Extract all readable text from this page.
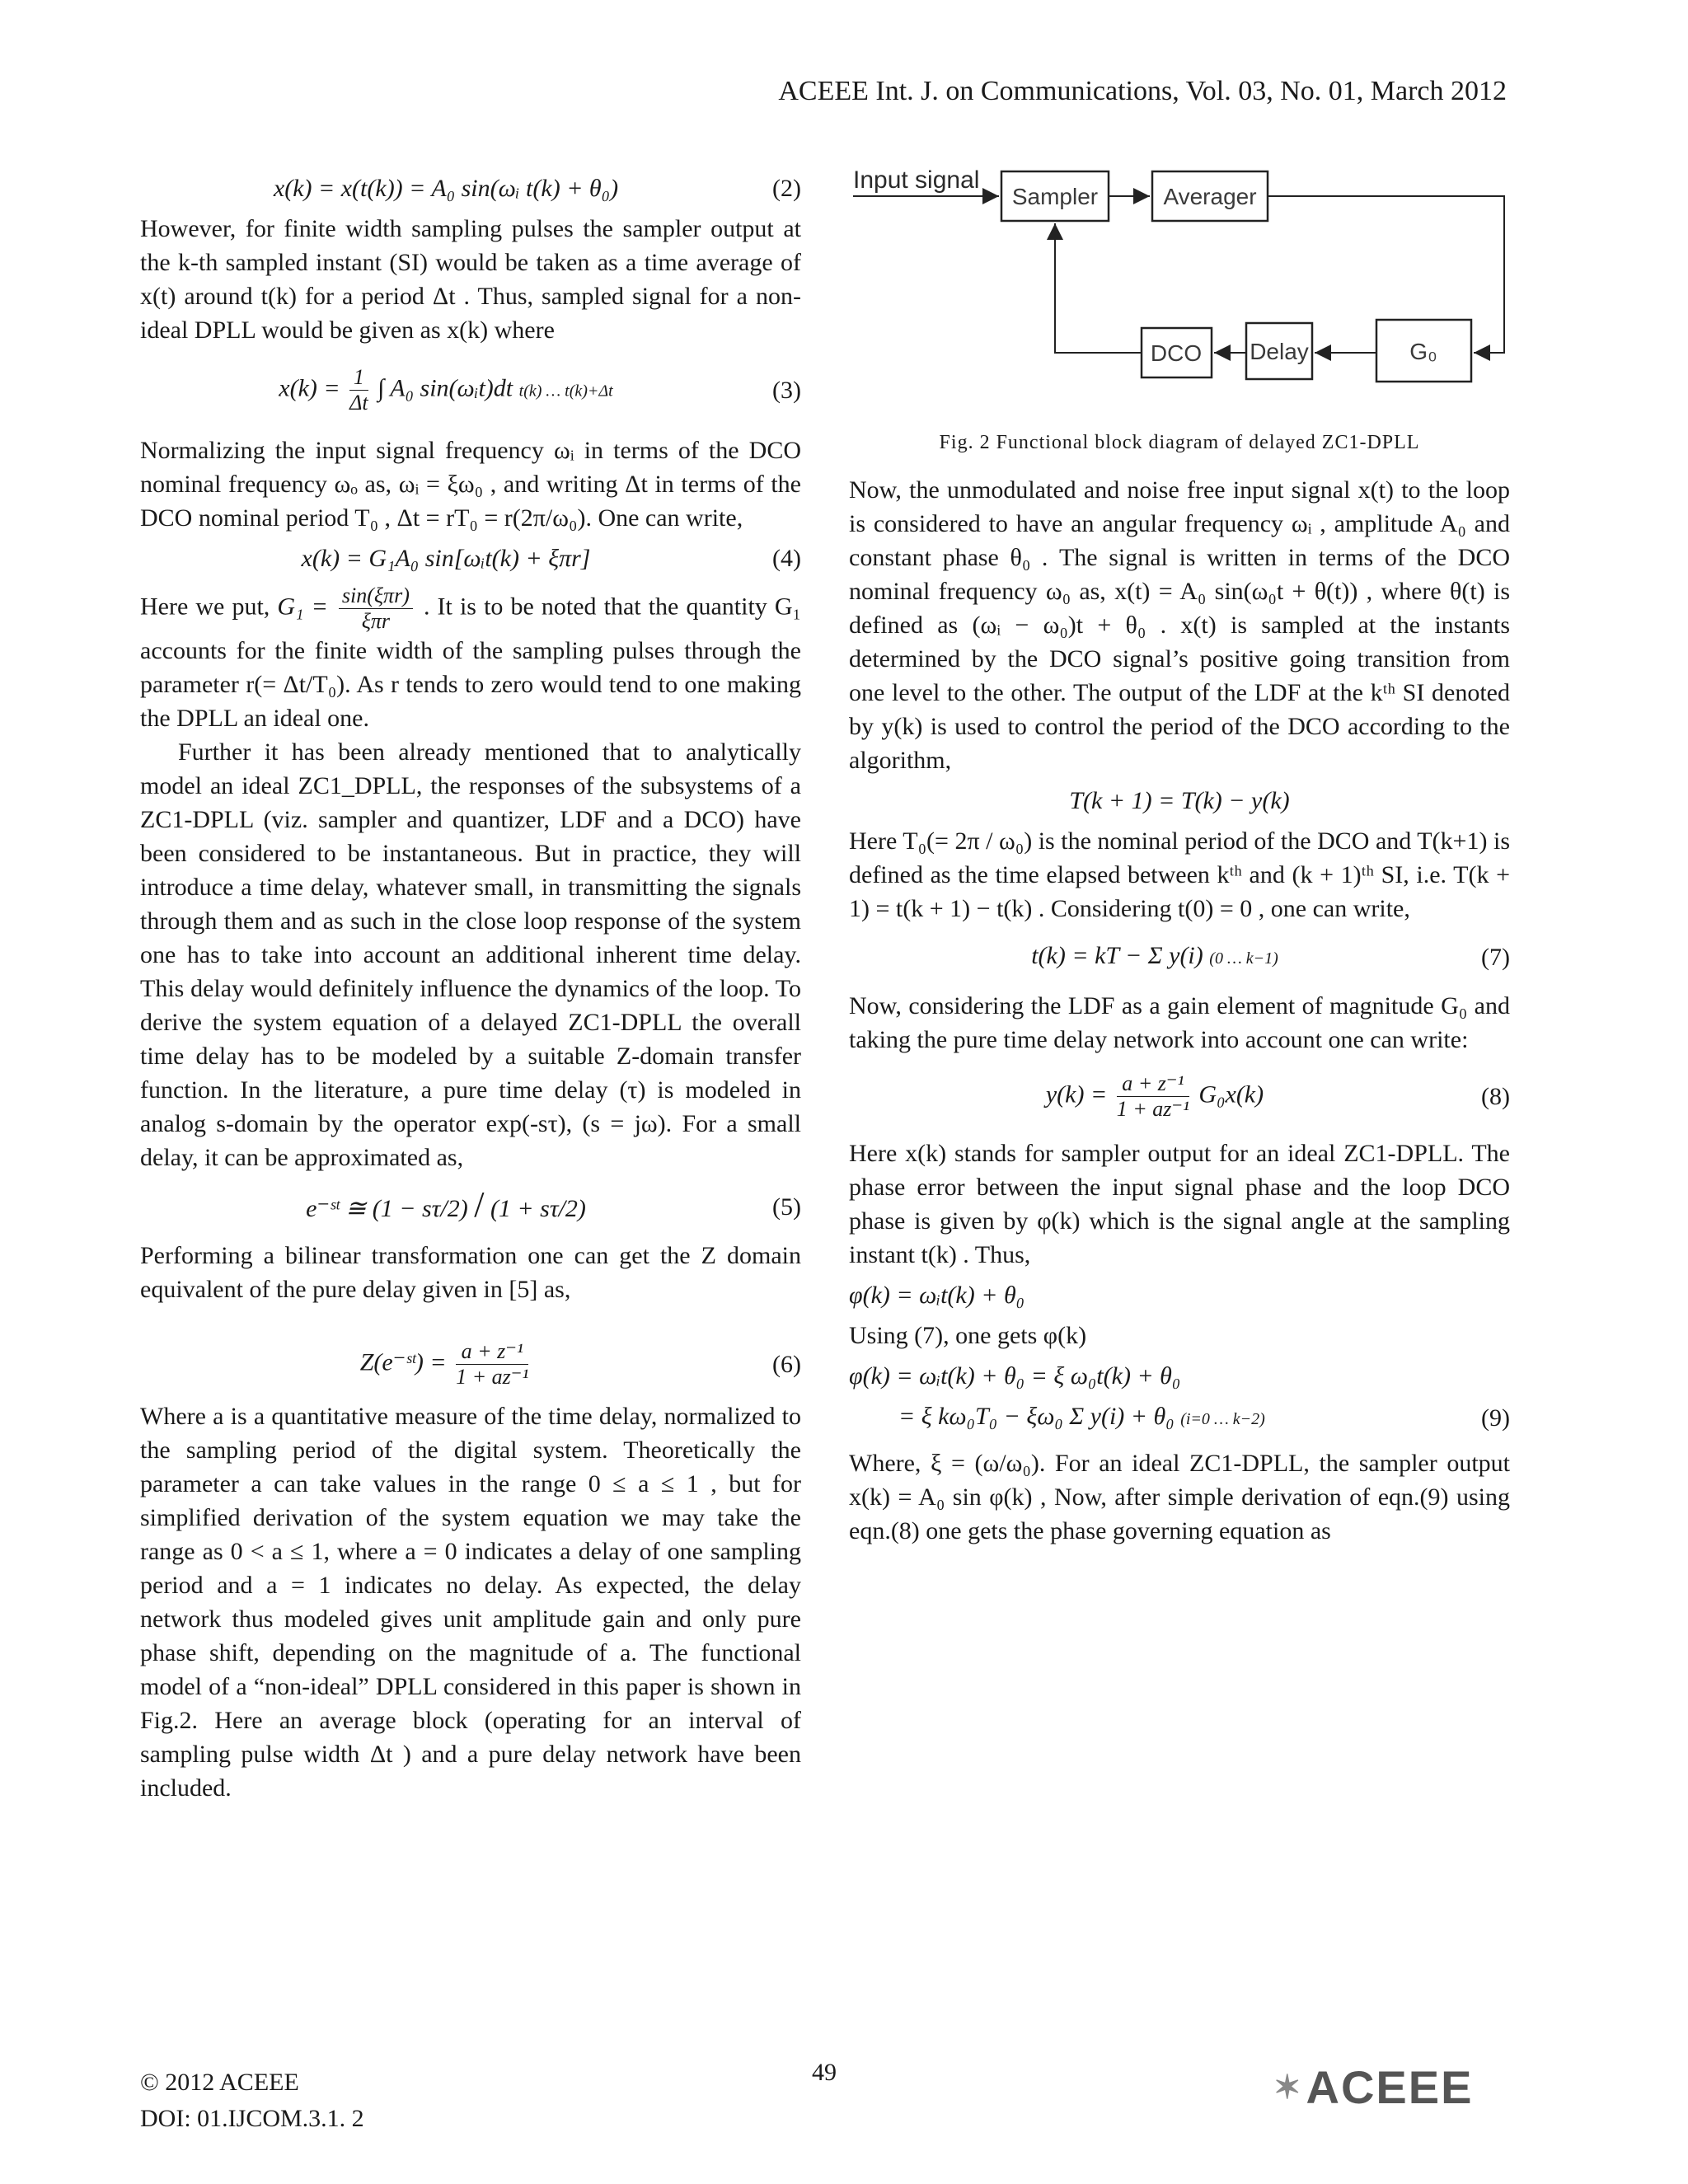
ACEEE Int. J. on Communications, Vol. 03, No. 01, March 2012
x(k) = x(t(k)) = A₀ sin(ωᵢ t(k) + θ₀)	(2)

However, for finite width sampling pulses the sampler output at the k-th sampled instant (SI) would be taken as a time average of x(t) around t(k) for a period Δt . Thus, sampled signal for a non-ideal DPLL would be given as x(k) where

$x(k) = \frac{1}{\Delta t}$ ∫ A₀ sin(ωᵢt)dt t(k) … t(k)+Δt	(3)

Normalizing the input signal frequency ωᵢ in terms of the DCO nominal frequency ωₒ as, ωᵢ = ξω₀ , and writing Δt in terms of the DCO nominal period T₀ , Δt = rT₀ = r(2π/ω₀). One can write,

x(k) = G₁A₀ sin[ωᵢt(k) + ξπr]	(4)

Here we put, $G_1 = \frac{\text{sin(ξπr)}}{\text{ξπr}}$ . It is to be noted that the quantity G₁ accounts for the finite width of the sampling pulses through the parameter r(= Δt/T₀). As r tends to zero would tend to one making the DPLL an ideal one.

Further it has been already mentioned that to analytically model an ideal ZC1_DPLL, the responses of the subsystems of a ZC1-DPLL (viz. sampler and quantizer, LDF and a DCO) have been considered to be instantaneous. But in practice, they will introduce a time delay, whatever small, in transmitting the signals through them and as such in the close loop response of the system one has to take into account an additional inherent time delay. This delay would definitely influence the dynamics of the loop. To derive the system equation of a delayed ZC1-DPLL the overall time delay has to be modeled by a suitable Z-domain transfer function. In the literature, a pure time delay (τ) is modeled in analog s-domain by the operator exp(-sτ), (s = jω). For a small delay, it can be approximated as,

e⁻ˢᵗ ≅ (1 − sτ/2) / (1 + sτ/2)	(5)

Performing a bilinear transformation one can get the Z domain equivalent of the pure delay given in [5] as,

Z(e⁻ˢᵗ) = $\frac{\text{a + z⁻¹}}{\text{1 + az⁻¹}}$	(6)

Where a is a quantitative measure of the time delay, normalized to the sampling period of the digital system. Theoretically the parameter a can take values in the range 0 ≤ a ≤ 1 , but for simplified derivation of the system equation we may take the range as 0 < a ≤ 1, where a = 0 indicates a delay of one sampling period and a = 1 indicates no delay. As expected, the delay network thus modeled gives unit amplitude gain and only pure phase shift, depending on the magnitude of a. The functional model of a “non-ideal” DPLL considered in this paper is shown in Fig.2. Here an average block (operating for an interval of sampling pulse width Δt ) and a pure delay network have been included.

Input signal
Sampler	Averager
G₀
Delay
DCO
Fig. 2 Functional block diagram of delayed ZC1-DPLL

Now, the unmodulated and noise free input signal x(t) to the loop is considered to have an angular frequency ωᵢ , amplitude A₀ and constant phase θ₀ . The signal is written in terms of the DCO nominal frequency ω₀ as, x(t) = A₀ sin(ω₀t + θ(t)) , where θ(t) is defined as (ωᵢ − ω₀)t + θ₀ . x(t) is sampled at the instants determined by the DCO signal’s positive going transition from one level to the other. The output of the LDF at the kᵗʰ SI denoted by y(k) is used to control the period of the DCO according to the algorithm,

T(k + 1) = T(k) − y(k)

Here T₀(= 2π / ω₀) is the nominal period of the DCO and T(k+1) is defined as the time elapsed between kᵗʰ and (k + 1)ᵗʰ SI, i.e. T(k + 1) = t(k + 1) − t(k) . Considering t(0) = 0 , one can write,

t(k) = kT − Σ y(i) (0 … k−1)	(7)

Now, considering the LDF as a gain element of magnitude G₀ and taking the pure time delay network into account one can write:

$y(k) = \frac{\text{a + z⁻¹}}{\text{1 + az⁻¹}} G_0x(k)$	(8)

Here x(k) stands for sampler output for an ideal ZC1-DPLL. The phase error between the input signal phase and the loop DCO phase is given by φ(k) which is the signal angle at the sampling instant t(k) . Thus,

φ(k) = ωᵢt(k) + θ₀

Using (7), one gets φ(k)

φ(k) = ωᵢt(k) + θ₀ = ξ ω₀t(k) + θ₀
= ξ kω₀T₀ − ξω₀ Σ y(i) + θ₀ (i=0 … k−2)	(9)

Where, ξ = (ω/ω₀). For an ideal ZC1-DPLL, the sampler output x(k) = A₀ sin φ(k) , Now, after simple derivation of eqn.(9) using eqn.(8) one gets the phase governing equation as

49
© 2012 ACEEE
DOI: 01.IJCOM.3.1. 2
✶ ACEEE
